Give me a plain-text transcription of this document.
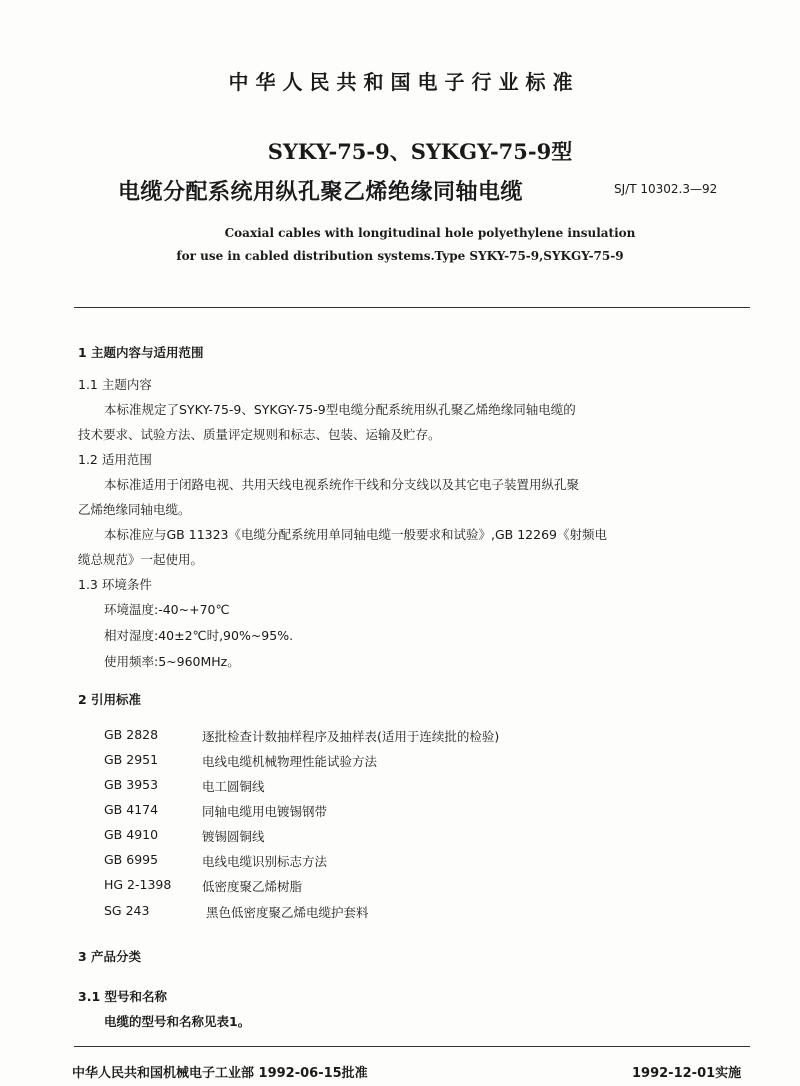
中华人民共和国电子行业标准
SYKY-75-9、SYKGY-75-9型
电缆分配系统用纵孔聚乙烯绝缘同轴电缆	SJ/T 10302.3—92
Coaxial cables with longitudinal hole polyethylene insulation
for use in cabled distribution systems.Type SYKY-75-9,SYKGY-75-9
1 主题内容与适用范围
1.1 主题内容
本标准规定了SYKY-75-9、SYKGY-75-9型电缆分配系统用纵孔聚乙烯绝缘同轴电缆的
技术要求、试验方法、质量评定规则和标志、包装、运输及贮存。
1.2 适用范围
本标准适用于闭路电视、共用天线电视系统作干线和分支线以及其它电子装置用纵孔聚
乙烯绝缘同轴电缆。
本标准应与GB 11323《电缆分配系统用单同轴电缆一般要求和试验》,GB 12269《射频电
缆总规范》一起使用。
1.3 环境条件
环境温度:-40~+70℃
相对湿度:40±2℃时,90%~95%.
使用频率:5~960MHz。
2 引用标准
GB 2828	逐批检查计数抽样程序及抽样表(适用于连续批的检验)
GB 2951	电线电缆机械物理性能试验方法
GB 3953	电工圆铜线
GB 4174	同轴电缆用电镀锡钢带
GB 4910	镀锡圆铜线
GB 6995	电线电缆识别标志方法
HG 2-1398 低密度聚乙烯树脂
SG 243	黑色低密度聚乙烯电缆护套料
3 产品分类
3.1 型号和名称
电缆的型号和名称见表1。
中华人民共和国机械电子工业部 1992-06-15批准	1992-12-01实施
